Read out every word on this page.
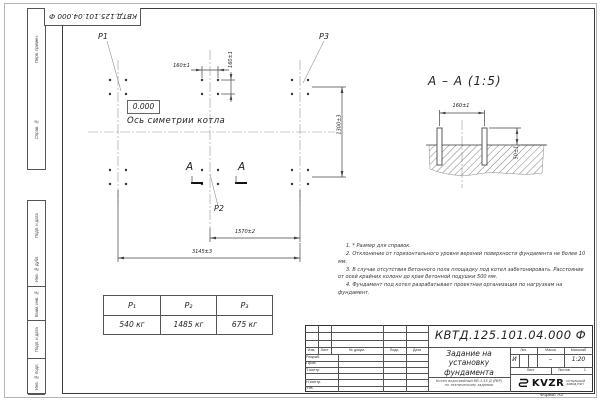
Перв. примен.
Справ. №
Подп. и дата
Инв. № дубл.
Взам. инв. №
Подп. и дата
Инв. № подл.
КВТД.125.101.04.000 Ф
P1	P3
P2
0.000
Ось симетрии котла
А	А
160±1	160±1
1570±2
3145±3
1300±3
А – А (1:5)
160±1
50±1
1. * Размер для справок.
2. Отклонение от горизонтального уровня верхней поверхности фундамента не более 10 мм.
3. В случае отсутствия бетонного пола площадку под котел забетонировать. Расстояние от осей крайних колонн до края бетонной подушки 500 мм.
4. Фундамент под котел разрабатывает проектная организация по нагрузкам на фундамент.
P₁	P₂	P₃
540 кг	1485 кг	675 кг
Изм.	Лист	№ докум.	Подп.	Дата
Разраб.
Пров.
Т.контр.
Н.контр.
Утв.
КВТД.125.101.04.000 Ф
Задание на установку фундамента
Котел водогрейный КВ-1,45 Д (РВР) по техническому заданию
Лит.	Масса	Масштаб
И	–	1:20
Лист	Листов	1
KVZR КОТЕЛЬНЫЙ
ЗАВОД РЭП
Формат А3
